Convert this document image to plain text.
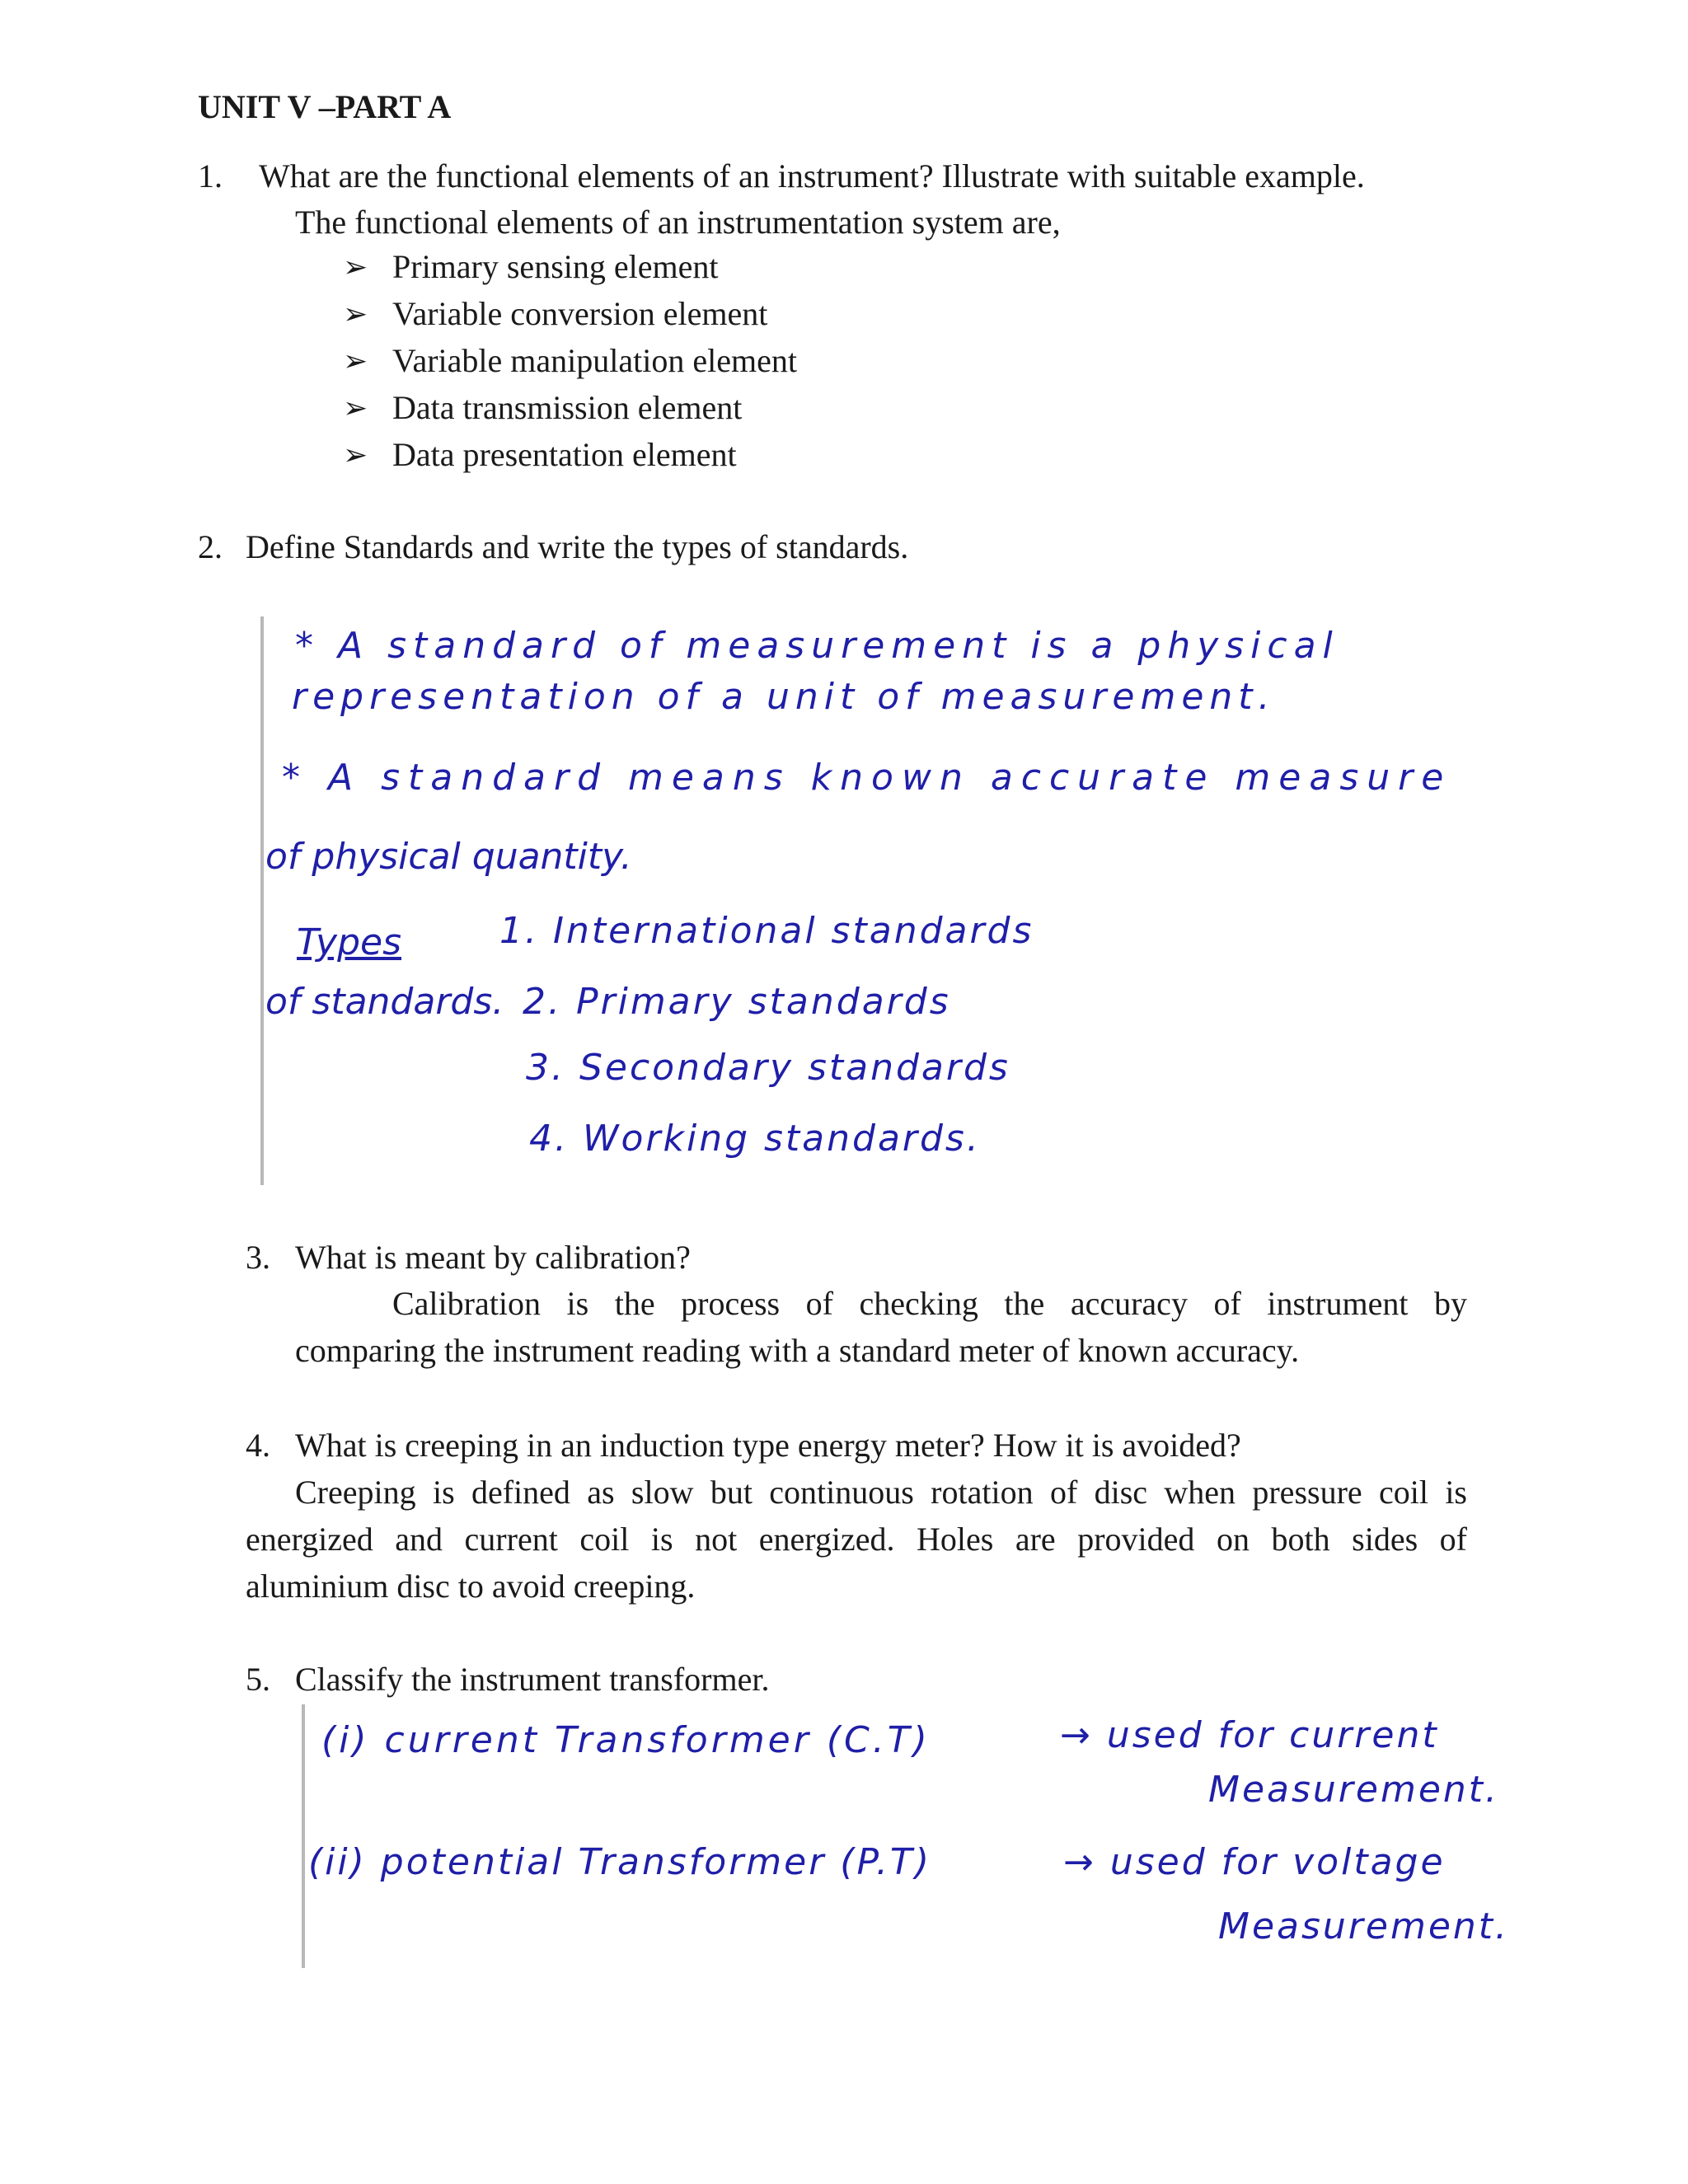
UNIT V –PART A
1. What are the functional elements of an instrument? Illustrate with suitable example.
The functional elements of an instrumentation system are,
➢ Primary sensing element
➢ Variable conversion element
➢ Variable manipulation element
➢ Data transmission element
➢ Data presentation element
2. Define Standards and write the types of standards.
* A standard of measurement is a physical
representation of a unit of measurement.
* A standard means known accurate measure
of physical quantity.
Types
of standards.
1. International standards
2. Primary standards
3. Secondary standards
4. Working standards.
3. What is meant by calibration?
Calibration is the process of checking the accuracy of instrument by
comparing the instrument reading with a standard meter of known accuracy.
4. What is creeping in an induction type energy meter? How it is avoided?
Creeping is defined as slow but continuous rotation of disc when pressure coil is
energized and current coil is not energized. Holes are provided on both sides of
aluminium disc to avoid creeping.
5. Classify the instrument transformer.
(i) current Transformer (C.T)	→ used for current
Measurement.
(ii) potential Transformer (P.T)	→ used for voltage
Measurement.
